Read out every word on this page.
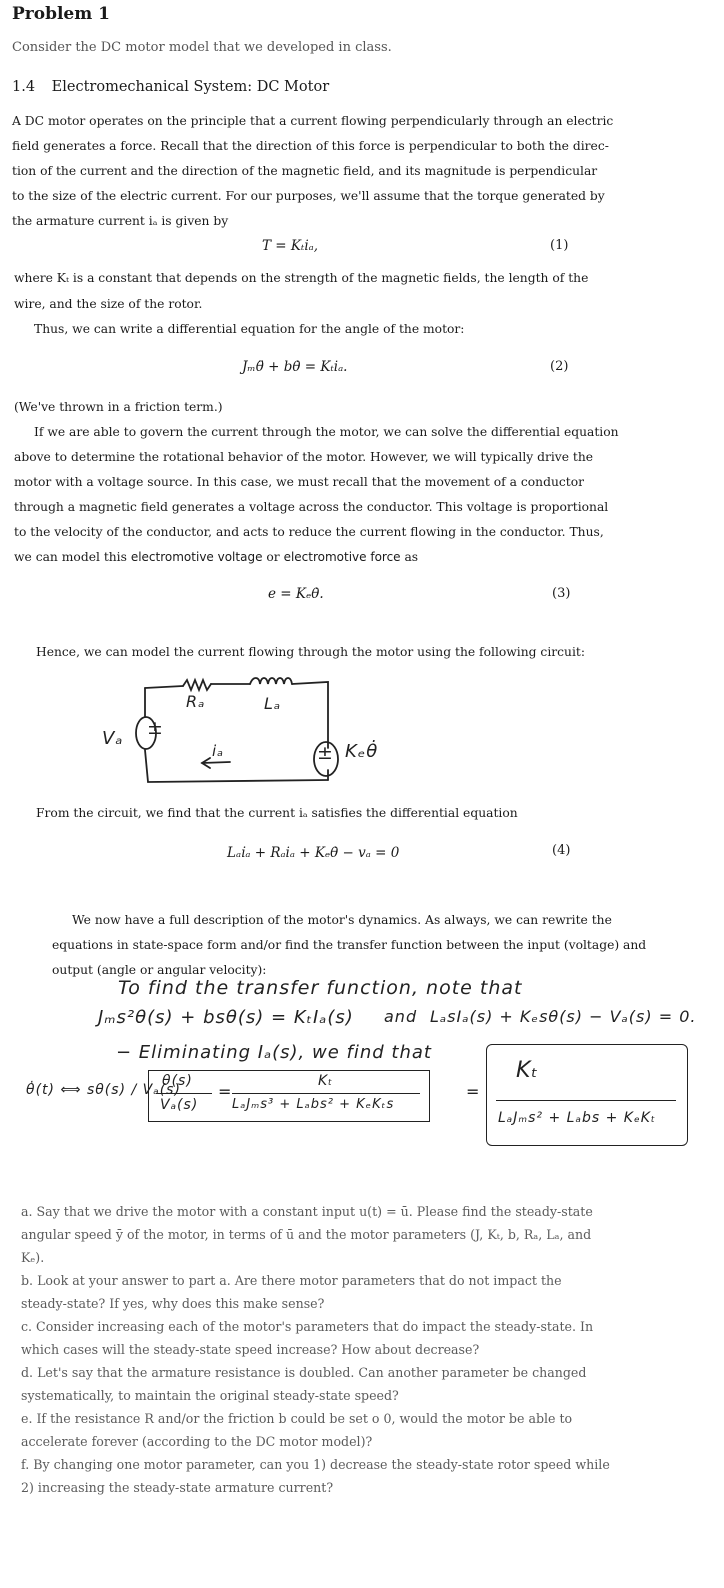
Problem 1
Consider the DC motor model that we developed in class.
1.4 Electromechanical System: DC Motor
A DC motor operates on the principle that a current flowing perpendicularly through an electric
field generates a force. Recall that the direction of this force is perpendicular to both the direc-
tion of the current and the direction of the magnetic field, and its magnitude is perpendicular
to the size of the electric current. For our purposes, we'll assume that the torque generated by
the armature current iₐ is given by
T = Kₜiₐ,	(1)
where Kₜ is a constant that depends on the strength of the magnetic fields, the length of the
wire, and the size of the rotor.
Thus, we can write a differential equation for the angle of the motor:
Jₘθ̈ + bθ̇ = Kₜiₐ.	(2)
(We've thrown in a friction term.)
If we are able to govern the current through the motor, we can solve the differential equation
above to determine the rotational behavior of the motor. However, we will typically drive the
motor with a voltage source. In this case, we must recall that the movement of a conductor
through a magnetic field generates a voltage across the conductor. This voltage is proportional
to the velocity of the conductor, and acts to reduce the current flowing in the conductor. Thus,
we can model this electromotive voltage or electromotive force as
e = Kₑθ̇.	(3)
Hence, we can model the current flowing through the motor using the following circuit:
±
±
Vₐ
Rₐ	Lₐ
iₐ	Kₑθ̇
From the circuit, we find that the current iₐ satisfies the differential equation
Lₐi̇ₐ + Rₐiₐ + Kₑθ̇ − vₐ = 0	(4)
We now have a full description of the motor's dynamics. As always, we can rewrite the
equations in state-space form and/or find the transfer function between the input (voltage) and
output (angle or angular velocity):
To find the transfer function, note that
Jₘs²θ(s) + bsθ(s) = KₜIₐ(s) and LₐsIₐ(s) + Kₑsθ(s) − Vₐ(s) = 0.
− Eliminating Iₐ(s), we find that
θ̇(t) ⟺ sθ(s) / Vₐ(s)
θ(s)
Vₐ(s)
=
Kₜ
LₐJₘs³ + Lₐbs² + KₑKₜs
=
Kₜ
LₐJₘs² + Lₐbs + KₑKₜ
a. Say that we drive the motor with a constant input u(t) = ū. Please find the steady-state
angular speed ȳ of the motor, in terms of ū and the motor parameters (J, Kₜ, b, Rₐ, Lₐ, and
Kₑ).
b. Look at your answer to part a. Are there motor parameters that do not impact the
steady-state? If yes, why does this make sense?
c. Consider increasing each of the motor's parameters that do impact the steady-state. In
which cases will the steady-state speed increase? How about decrease?
d. Let's say that the armature resistance is doubled. Can another parameter be changed
systematically, to maintain the original steady-state speed?
e. If the resistance R and/or the friction b could be set o 0, would the motor be able to
accelerate forever (according to the DC motor model)?
f. By changing one motor parameter, can you 1) decrease the steady-state rotor speed while
2) increasing the steady-state armature current?
